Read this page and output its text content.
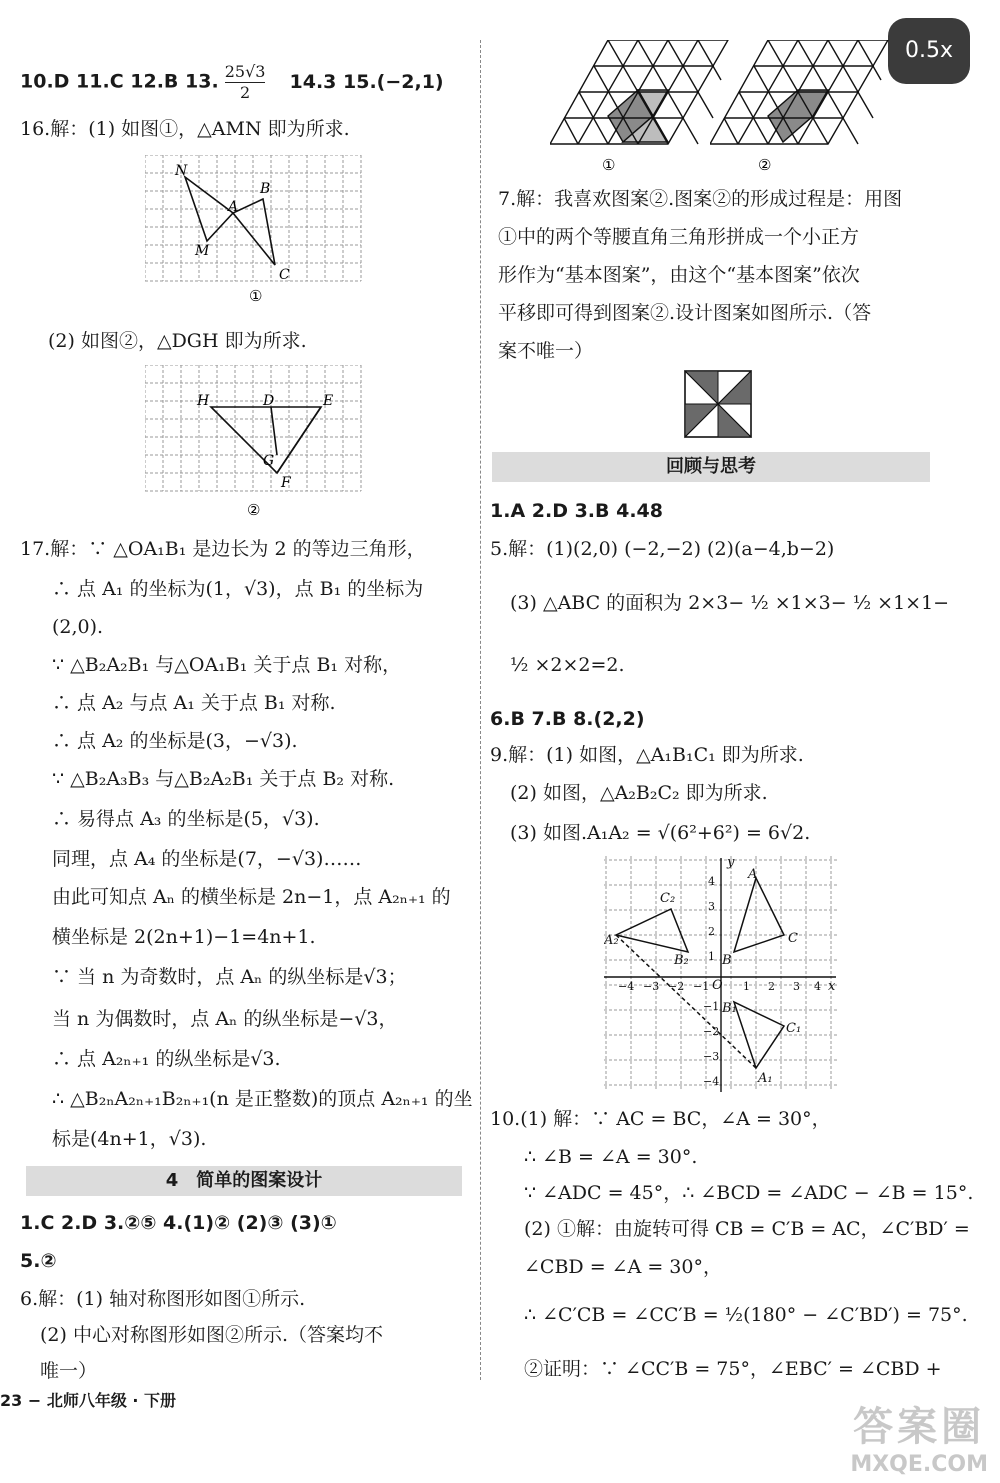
0.5x
10.D 11.C 12.B 13. $\frac{25√3}{2} 14.3$ 15.(−2,1)
16.解：(1) 如图①，△AMN 即为所求.
N
B
A
M
C
①
(2) 如图②，△DGH 即为所求.
H	D	E
G
F
②
17.解：∵ △OA₁B₁ 是边长为 2 的等边三角形，
∴ 点 A₁ 的坐标为(1，√3)，点 B₁ 的坐标为
(2,0).
∵ △B₂A₂B₁ 与△OA₁B₁ 关于点 B₁ 对称，
∴ 点 A₂ 与点 A₁ 关于点 B₁ 对称.
∴ 点 A₂ 的坐标是(3，−√3).
∵ △B₂A₃B₃ 与△B₂A₂B₁ 关于点 B₂ 对称.
∴ 易得点 A₃ 的坐标是(5，√3).
同理，点 A₄ 的坐标是(7，−√3)……
由此可知点 Aₙ 的横坐标是 2n−1，点 A₂ₙ₊₁ 的
横坐标是 2(2n+1)−1=4n+1.
∵ 当 n 为奇数时，点 Aₙ 的纵坐标是√3；
当 n 为偶数时，点 Aₙ 的纵坐标是−√3，
∴ 点 A₂ₙ₊₁ 的纵坐标是√3.
∴ △B₂ₙA₂ₙ₊₁B₂ₙ₊₁(n 是正整数)的顶点 A₂ₙ₊₁ 的坐
标是(4n+1，√3).
4　简单的图案设计
1.C 2.D 3.②⑤ 4.(1)② (2)③ (3)①
5.②
6.解：(1) 轴对称图形如图①所示.
(2) 中心对称图形如图②所示.（答案均不
唯一）
①	②
7.解：我喜欢图案②.图案②的形成过程是：用图
①中的两个等腰直角三角形拼成一个小正方
形作为“基本图案”，由这个“基本图案”依次
平移即可得到图案②.设计图案如图所示.（答
案不唯一）
回顾与思考
1.A 2.D 3.B 4.48
5.解：(1)(2,0) (−2,−2) (2)(a−4,b−2)
(3) △ABC 的面积为 2×3− ½ ×1×3− ½ ×1×1−
½ ×2×2=2.
6.B 7.B 8.(2,2)
9.解：(1) 如图，△A₁B₁C₁ 即为所求.
(2) 如图，△A₂B₂C₂ 即为所求.
(3) 如图.A₁A₂ = √(6²+6²) = 6√2.
y
x
O
A
B
C
A₁
B₁
C₁
A₂
B₂
C₂
−4 −3 −2 −1	1 2 3 4
4
3
2
1
−1
−2
−3
−4
10.(1) 解：∵ AC = BC，∠A = 30°，
∴ ∠B = ∠A = 30°.
∵ ∠ADC = 45°，∴ ∠BCD = ∠ADC − ∠B = 15°.
(2) ①解：由旋转可得 CB = C′B = AC，∠C′BD′ =
∠CBD = ∠A = 30°，
∴ ∠C′CB = ∠CC′B = ½(180° − ∠C′BD′) = 75°.
②证明：∵ ∠CC′B = 75°，∠EBC′ = ∠CBD +
23 − 北师八年级 · 下册
答案圈
MXQE.COM
